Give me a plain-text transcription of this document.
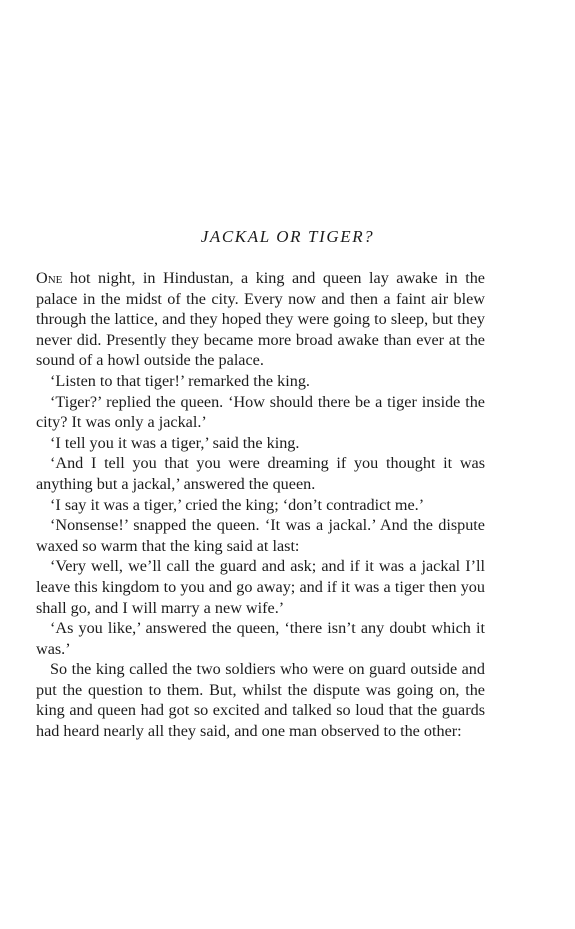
JACKAL OR TIGER?

One hot night, in Hindustan, a king and queen lay awake in the palace in the midst of the city. Every now and then a faint air blew through the lattice, and they hoped they were going to sleep, but they never did. Presently they became more broad awake than ever at the sound of a howl outside the palace.

‘Listen to that tiger!’ remarked the king.

‘Tiger?’ replied the queen. ‘How should there be a tiger inside the city? It was only a jackal.’

‘I tell you it was a tiger,’ said the king.

‘And I tell you that you were dreaming if you thought it was anything but a jackal,’ answered the queen.

‘I say it was a tiger,’ cried the king; ‘don’t contradict me.’

‘Nonsense!’ snapped the queen. ‘It was a jackal.’ And the dispute waxed so warm that the king said at last:

‘Very well, we’ll call the guard and ask; and if it was a jackal I’ll leave this kingdom to you and go away; and if it was a tiger then you shall go, and I will marry a new wife.’

‘As you like,’ answered the queen, ‘there isn’t any doubt which it was.’

So the king called the two soldiers who were on guard outside and put the question to them. But, whilst the dispute was going on, the king and queen had got so excited and talked so loud that the guards had heard nearly all they said, and one man observed to the other:
